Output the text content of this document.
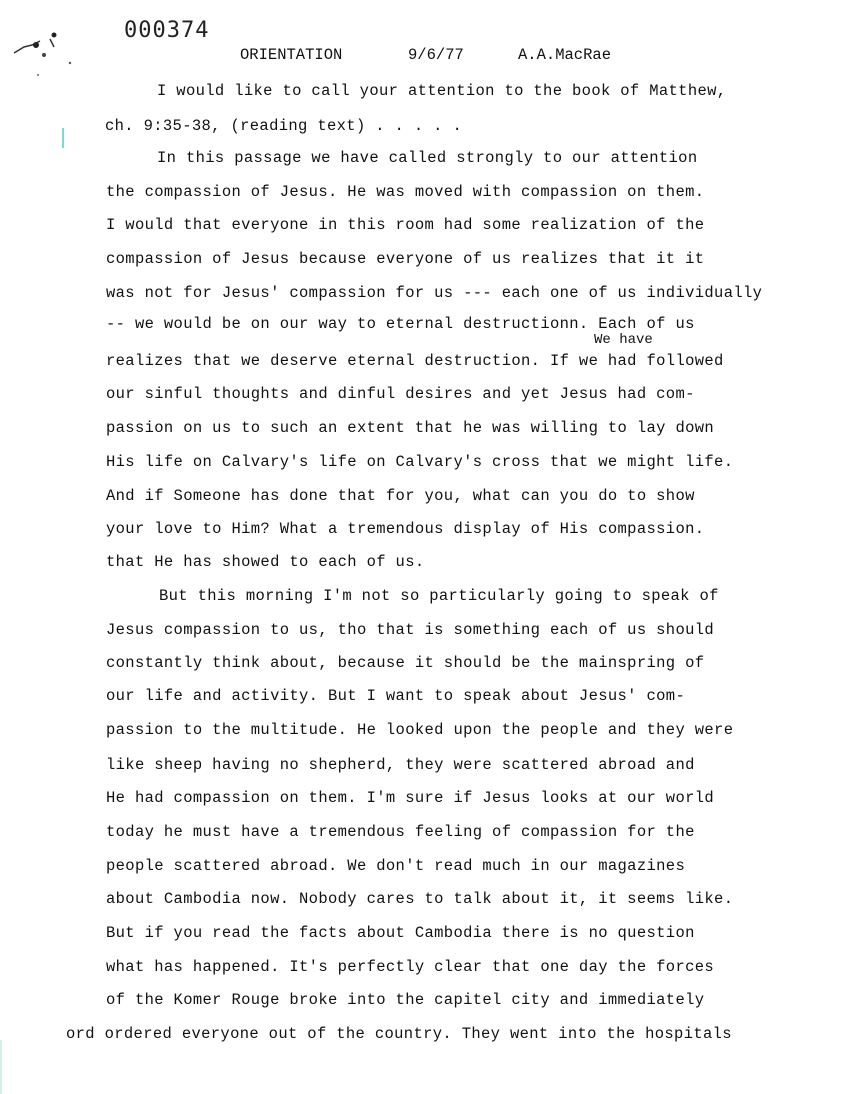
000374
ORIENTATION	9/6/77	A.A.MacRae
We have
I would like to call your attention to the book of Matthew,
ch. 9:35-38, (reading text) . . . . .
In this passage we have called strongly to our attention
the compassion of Jesus. He was moved with compassion on them.
I would that everyone in this room had some realization of the
compassion of Jesus because everyone of us realizes that it it
was not for Jesus' compassion for us --- each one of us individually
-- we would be on our way to eternal destructionn. Each of us
realizes that we deserve eternal destruction. If we had followed
our sinful thoughts and dinful desires and yet Jesus had com-
passion on us to such an extent that he was willing to lay down
His life on Calvary's life on Calvary's cross that we might life.
And if Someone has done that for you, what can you do to show
your love to Him? What a tremendous display of His compassion.
that He has showed to each of us.
But this morning I'm not so particularly going to speak of
Jesus compassion to us, tho that is something each of us should
constantly think about, because it should be the mainspring of
our life and activity. But I want to speak about Jesus' com-
passion to the multitude. He looked upon the people and they were
like sheep having no shepherd, they were scattered abroad and
He had compassion on them. I'm sure if Jesus looks at our world
today he must have a tremendous feeling of compassion for the
people scattered abroad. We don't read much in our magazines
about Cambodia now. Nobody cares to talk about it, it seems like.
But if you read the facts about Cambodia there is no question
what has happened. It's perfectly clear that one day the forces
of the Komer Rouge broke into the capitel city and immediately
ord ordered everyone out of the country. They went into the hospitals
